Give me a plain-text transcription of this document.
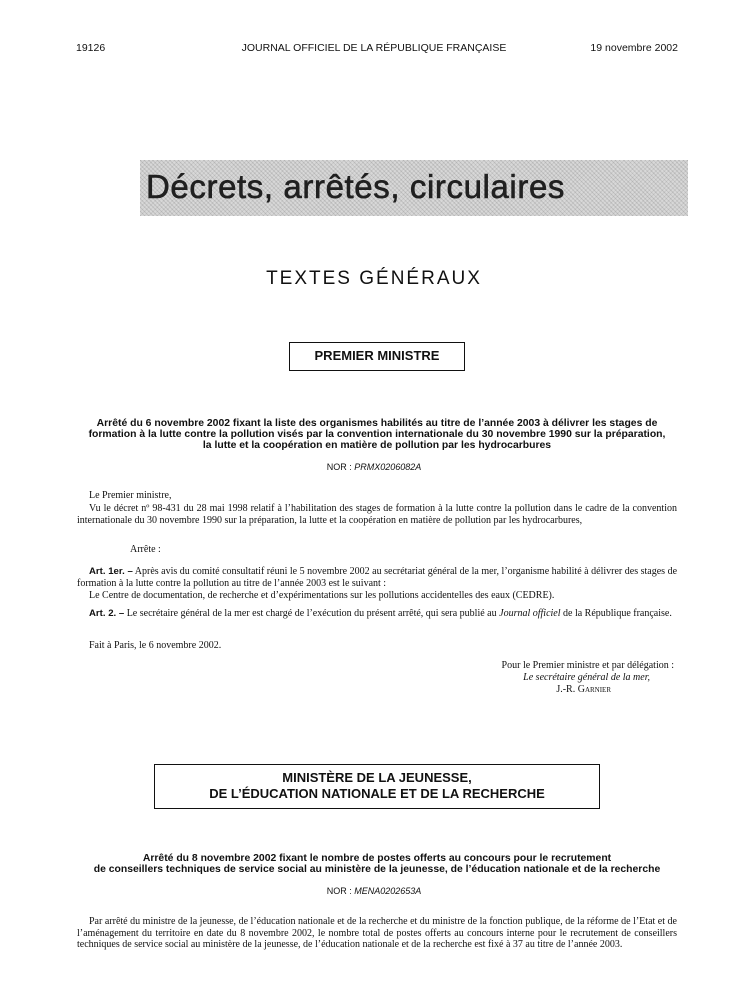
19126	JOURNAL OFFICIEL DE LA RÉPUBLIQUE FRANÇAISE	19 novembre 2002
Décrets, arrêtés, circulaires
TEXTES GÉNÉRAUX
PREMIER MINISTRE
Arrêté du 6 novembre 2002 fixant la liste des organismes habilités au titre de l’année 2003 à délivrer les stages de
formation à la lutte contre la pollution visés par la convention internationale du 30 novembre 1990 sur la préparation,
la lutte et la coopération en matière de pollution par les hydrocarbures
NOR : PRMX0206082A
Le Premier ministre,
Vu le décret nº 98-431 du 28 mai 1998 relatif à l’habilitation des stages de formation à la lutte contre la pollution dans le cadre de la convention internationale du 30 novembre 1990 sur la préparation, la lutte et la coopération en matière de pollution par les hydrocarbures,
Arrête :
Art. 1er. – Après avis du comité consultatif réuni le 5 novembre 2002 au secrétariat général de la mer, l’organisme habilité à délivrer des stages de formation à la lutte contre la pollution au titre de l’année 2003 est le suivant :
Le Centre de documentation, de recherche et d’expérimentations sur les pollutions accidentelles des eaux (CEDRE).
Art. 2. – Le secrétaire général de la mer est chargé de l’exécution du présent arrêté, qui sera publié au Journal officiel de la République française.
Fait à Paris, le 6 novembre 2002.
Pour le Premier ministre et par délégation :
Le secrétaire général de la mer,
J.-R. Garnier
MINISTÈRE DE LA JEUNESSE,
DE L’ÉDUCATION NATIONALE ET DE LA RECHERCHE
Arrêté du 8 novembre 2002 fixant le nombre de postes offerts au concours pour le recrutement
de conseillers techniques de service social au ministère de la jeunesse, de l’éducation nationale et de la recherche
NOR : MENA0202653A
Par arrêté du ministre de la jeunesse, de l’éducation nationale et de la recherche et du ministre de la fonction publique, de la réforme de l’Etat et de l’aménagement du territoire en date du 8 novembre 2002, le nombre total de postes offerts au concours interne pour le recrutement de conseillers techniques de service social au ministère de la jeunesse, de l’éducation nationale et de la recherche est fixé à 37 au titre de l’année 2003.
